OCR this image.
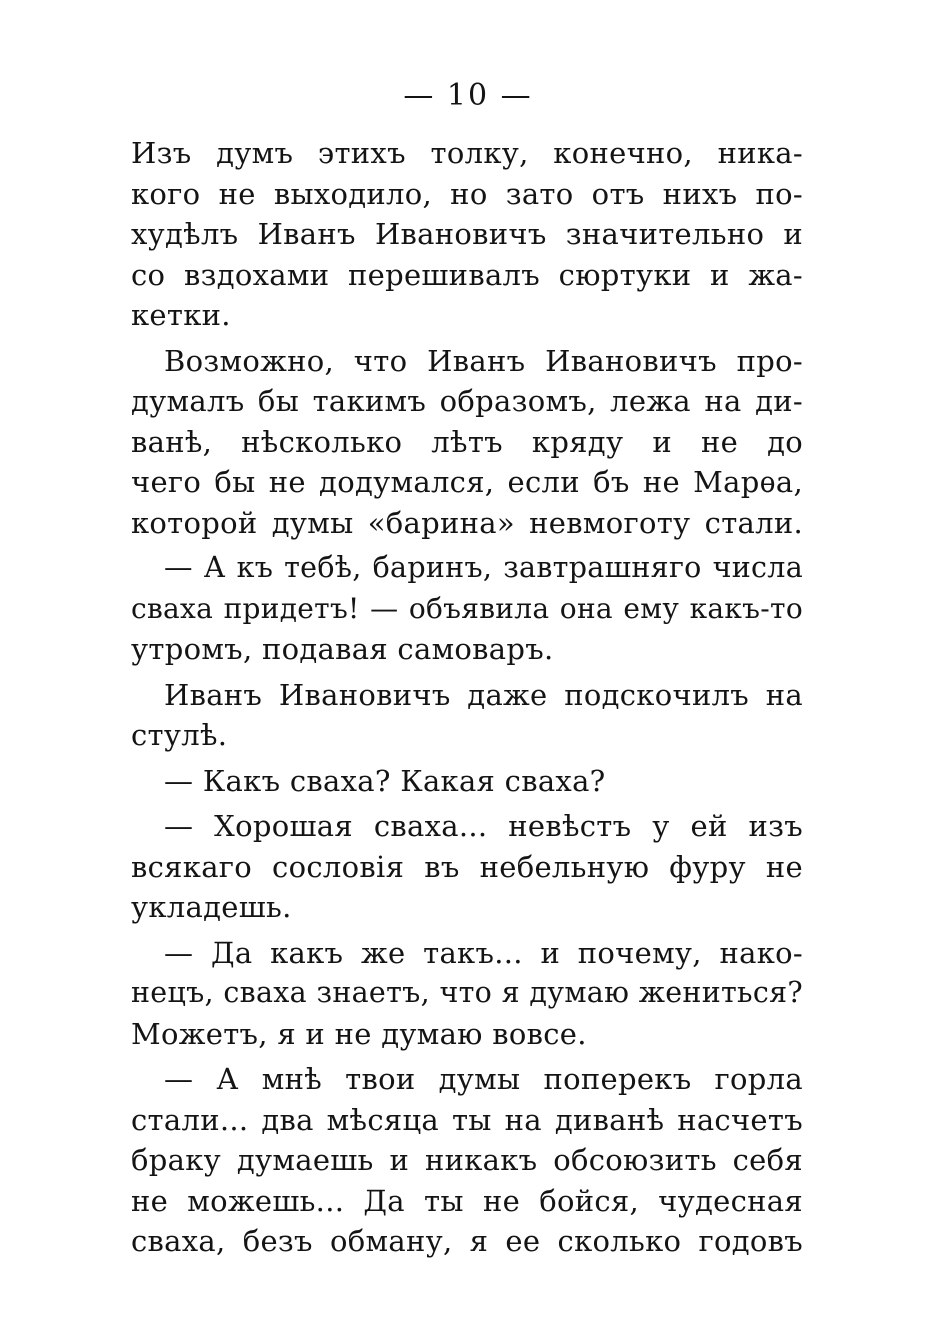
— 10 —
Изъ думъ этихъ толку, конечно, ника-
кого не выходило, но зато отъ нихъ по-
худѣлъ Иванъ Ивановичъ значительно и
со вздохами перешивалъ сюртуки и жа-
кетки.
Возможно, что Иванъ Ивановичъ про-
думалъ бы такимъ образомъ, лежа на ди-
ванѣ, нѣсколько лѣтъ кряду и не до
чего бы не додумался, если бъ не Марѳа,
которой думы «барина» невмоготу стали.
— А къ тебѣ, баринъ, завтрашняго числа
сваха придетъ! — объявила она ему какъ-то
утромъ, подавая самоваръ.
Иванъ Ивановичъ даже подскочилъ на
стулѣ.
— Какъ сваха? Какая сваха?
— Хорошая сваха... невѣстъ у ей изъ
всякаго сословія въ небельную фуру не
укладешь.
— Да какъ же такъ... и почему, нако-
нецъ, сваха знаетъ, что я думаю жениться?
Можетъ, я и не думаю вовсе.
— А мнѣ твои думы поперекъ горла
стали... два мѣсяца ты на диванѣ насчетъ
браку думаешь и никакъ обсоюзить себя
не можешь... Да ты не бойся, чудесная
сваха, безъ обману, я ее сколько годовъ
